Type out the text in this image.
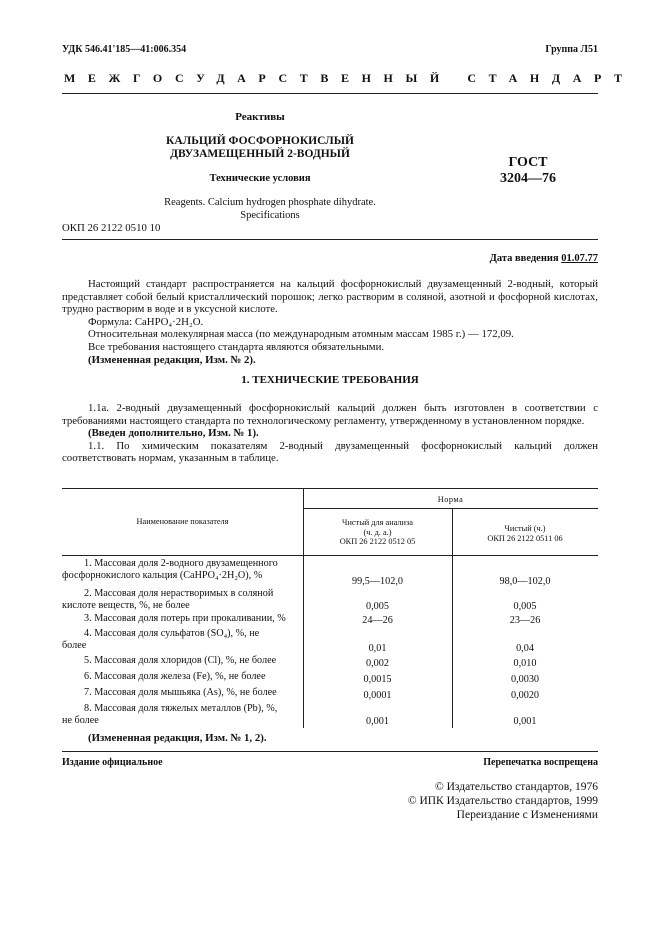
УДК 546.41'185—41:006.354	Группа Л51
МЕЖГОСУДАРСТВЕННЫЙ СТАНДАРТ
Реактивы
КАЛЬЦИЙ ФОСФОРНОКИСЛЫЙ
ДВУЗАМЕЩЕННЫЙ 2-ВОДНЫЙ
Технические условия
Reagents. Calcium hydrogen phosphate dihydrate.
Specifications
ГОСТ
3204—76
ОКП 26 2122 0510 10
Дата введения 01.07.77
Настоящий стандарт распространяется на кальций фосфорнокислый двузамещенный 2-водный, который представляет собой белый кристаллический порошок; легко растворим в соляной, азотной и фосфорной кислотах, трудно растворим в воде и в уксусной кислоте.
Формула: CaHPO₄·2H₂O.
Относительная молекулярная масса (по международным атомным массам 1985 г.) — 172,09.
Все требования настоящего стандарта являются обязательными.
(Измененная редакция, Изм. № 2).
1. ТЕХНИЧЕСКИЕ ТРЕБОВАНИЯ
1.1а. 2-водный двузамещенный фосфорнокислый кальций должен быть изготовлен в соответствии с требованиями настоящего стандарта по технологическому регламенту, утвержденному в установленном порядке.
(Введен дополнительно, Изм. № 1).
1.1. По химическим показателям 2-водный двузамещенный фосфорнокислый кальций должен соответствовать нормам, указанным в таблице.
Наименование показателя
Норма
Чистый для анализа
(ч. д. а.)
ОКП 26 2122 0512 05
Чистый (ч.)
ОКП 26 2122 0511 06
1. Массовая доля 2-водного двузамещенного
фосфорнокислого кальция (CaHPO₄·2H₂O), %	99,5—102,0	98,0—102,0
2. Массовая доля нерастворимых в соляной
кислоте веществ, %, не более	0,005	0,005
3. Массовая доля потерь при прокаливании, %	24—26	23—26
4. Массовая доля сульфатов (SO₄), %, не
более	0,01	0,04
5. Массовая доля хлоридов (Cl), %, не более	0,002	0,010
6. Массовая доля железа (Fe), %, не более	0,0015	0,0030
7. Массовая доля мышьяка (As), %, не более	0,0001	0,0020
8. Массовая доля тяжелых металлов (Pb), %,
не более	0,001	0,001
(Измененная редакция, Изм. № 1, 2).
Издание официальное	Перепечатка воспрещена
© Издательство стандартов, 1976
© ИПК Издательство стандартов, 1999
Переиздание с Изменениями
